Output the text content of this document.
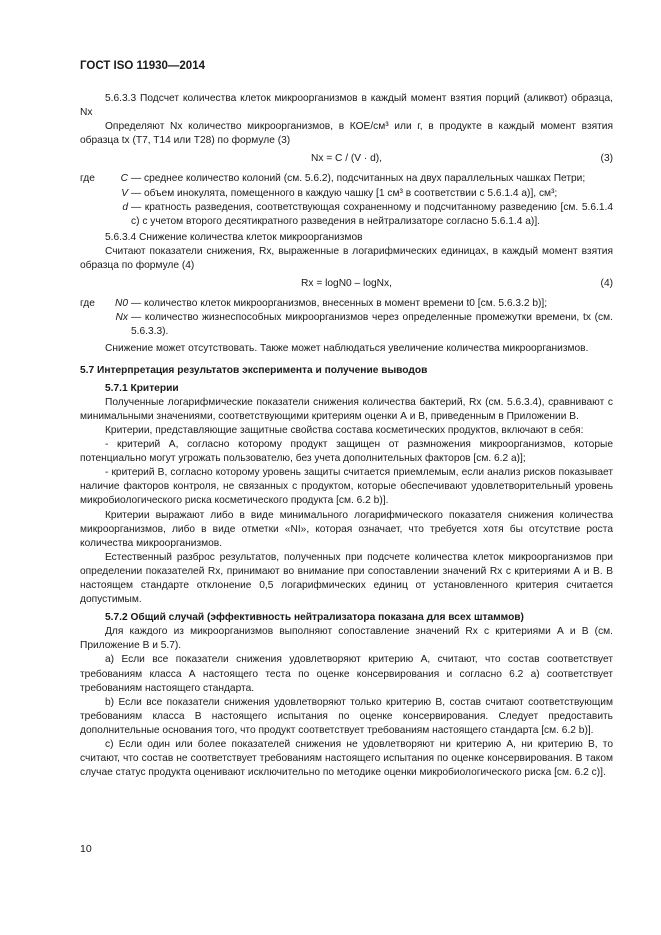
ГОСТ ISO 11930—2014

5.6.3.3 Подсчет количества клеток микроорганизмов в каждый момент взятия порций (аликвот) образца, Nx

Определяют Nx количество микроорганизмов, в КОЕ/см³ или г, в продукте в каждый момент взятия образца tx (T7, T14 или T28) по формуле (3)

Nx = C / (V · d),	(3)
где	C — среднее количество колоний (см. 5.6.2), подсчитанных на двух параллельных чашках Петри;
V — объем инокулята, помещенного в каждую чашку [1 см³ в соответствии с 5.6.1.4 а)], см³;
d — кратность разведения, соответствующая сохраненному и подсчитанному разведению [см. 5.6.1.4 с) с учетом второго десятикратного разведения в нейтрализаторе согласно 5.6.1.4 а)].

5.6.3.4 Снижение количества клеток микроорганизмов

Считают показатели снижения, Rx, выраженные в логарифмических единицах, в каждый момент взятия образца по формуле (4)

Rx = logN0 – logNx,	(4)
где	N0 — количество клеток микроорганизмов, внесенных в момент времени t0 [см. 5.6.3.2 b)];
Nx — количество жизнеспособных микроорганизмов через определенные промежутки времени, tx (см. 5.6.3.3).

Снижение может отсутствовать. Также может наблюдаться увеличение количества микроорганизмов.

5.7 Интерпретация результатов эксперимента и получение выводов

5.7.1 Критерии

Полученные логарифмические показатели снижения количества бактерий, Rx (см. 5.6.3.4), сравнивают с минимальными значениями, соответствующими критериям оценки А и В, приведенным в Приложении В.

Критерии, представляющие защитные свойства состава косметических продуктов, включают в себя:

- критерий А, согласно которому продукт защищен от размножения микроорганизмов, которые потенциально могут угрожать пользователю, без учета дополнительных факторов [см. 6.2 а)];

- критерий В, согласно которому уровень защиты считается приемлемым, если анализ рисков показывает наличие факторов контроля, не связанных с продуктом, которые обеспечивают удовлетворительный уровень микробиологического риска косметического продукта [см. 6.2 b)].

Критерии выражают либо в виде минимального логарифмического показателя снижения количества микроорганизмов, либо в виде отметки «NI», которая означает, что требуется хотя бы отсутствие роста количества микроорганизмов.

Естественный разброс результатов, полученных при подсчете количества клеток микроорганизмов при определении показателей Rx, принимают во внимание при сопоставлении значений Rx с критериями А и В. В настоящем стандарте отклонение 0,5 логарифмических единиц от установленного критерия считается допустимым.

5.7.2 Общий случай (эффективность нейтрализатора показана для всех штаммов)

Для каждого из микроорганизмов выполняют сопоставление значений Rx с критериями А и В (см. Приложение В и 5.7).

а) Если все показатели снижения удовлетворяют критерию А, считают, что состав соответствует требованиям класса А настоящего теста по оценке консервирования и согласно 6.2 а) соответствует требованиям настоящего стандарта.

b) Если все показатели снижения удовлетворяют только критерию В, состав считают соответствующим требованиям класса В настоящего испытания по оценке консервирования. Следует предоставить дополнительные основания того, что продукт соответствует требованиям настоящего стандарта [см. 6.2 b)].

с) Если один или более показателей снижения не удовлетворяют ни критерию А, ни критерию В, то считают, что состав не соответствует требованиям настоящего испытания по оценке консервирования. В таком случае статус продукта оценивают исключительно по методике оценки микробиологического риска [см. 6.2 с)].

10
